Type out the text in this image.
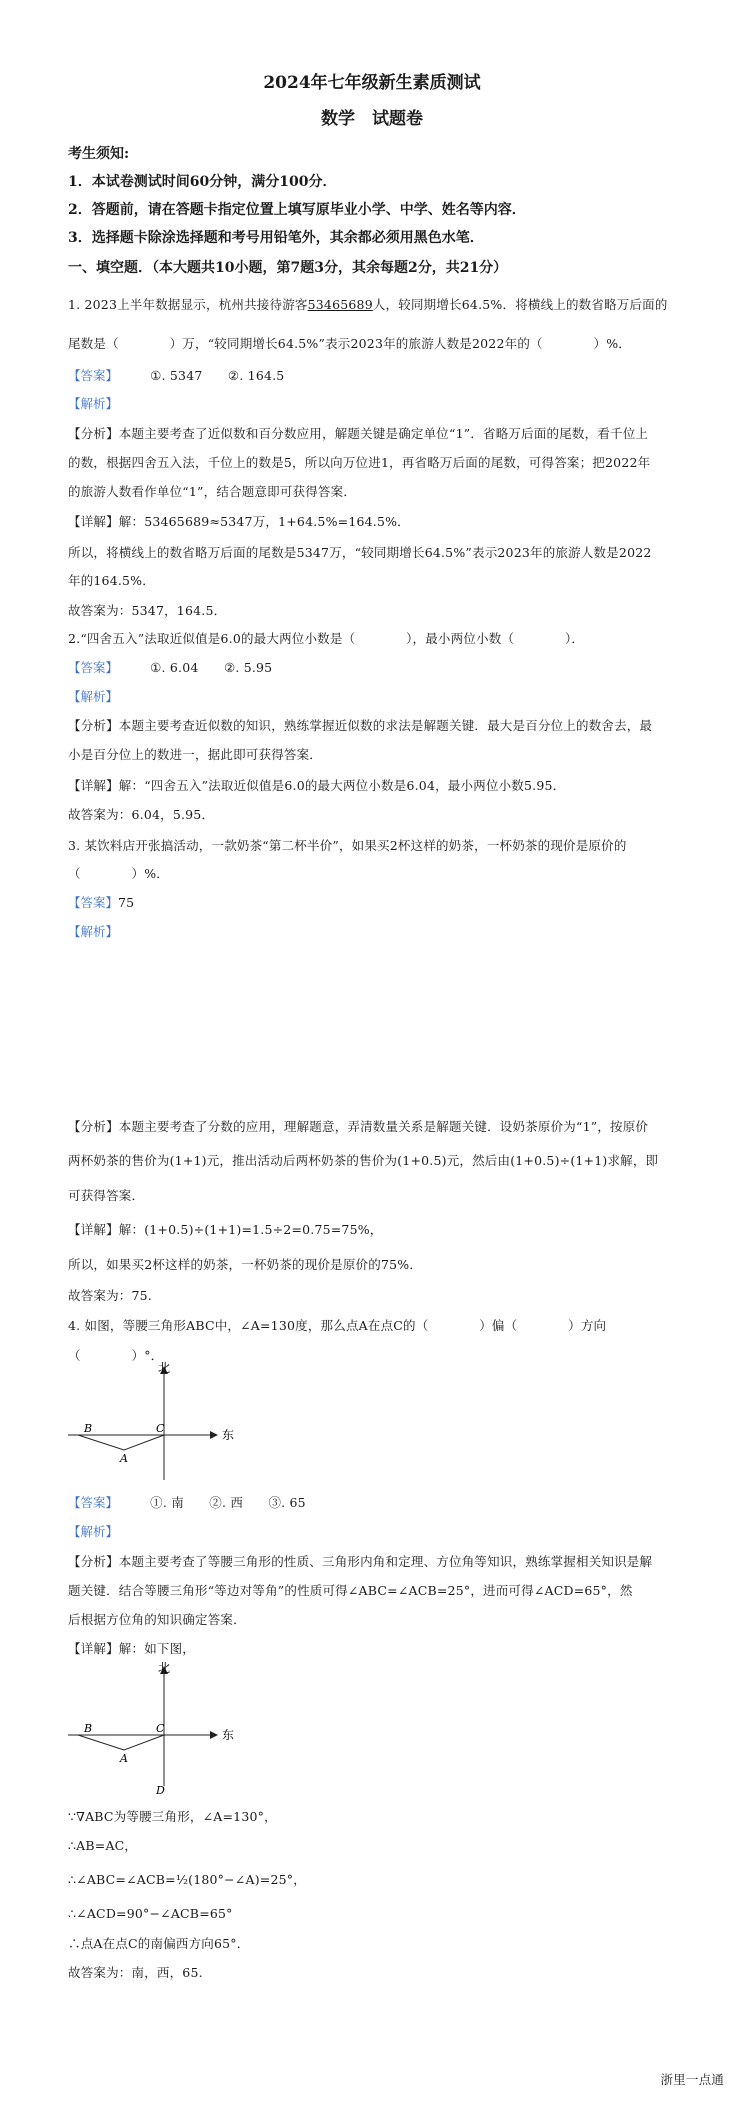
2024年七年级新生素质测试
数学　试题卷
考生须知:
1．本试卷测试时间60分钟，满分100分．
2．答题前，请在答题卡指定位置上填写原毕业小学、中学、姓名等内容．
3．选择题卡除涂选择题和考号用铅笔外，其余都必须用黑色水笔．
一、填空题．（本大题共10小题，第7题3分，其余每题2分，共21分）
1. 2023上半年数据显示，杭州共接待游客53465689人，较同期增长64.5%．将横线上的数省略万后面的
尾数是（　　　　）万，“较同期增长64.5%”表示2023年的旅游人数是2022年的（　　　　）%．
【答案】	①. 5347　　②. 164.5
【解析】
【分析】本题主要考查了近似数和百分数应用，解题关键是确定单位“1”．省略万后面的尾数，看千位上
的数，根据四舍五入法，千位上的数是5，所以向万位进1，再省略万后面的尾数，可得答案；把2022年
的旅游人数看作单位“1”，结合题意即可获得答案．
【详解】解：53465689≈5347万，1+64.5%=164.5%．
所以，将横线上的数省略万后面的尾数是5347万，“较同期增长64.5%”表示2023年的旅游人数是2022
年的164.5%．
故答案为：5347，164.5．
2.“四舍五入”法取近似值是6.0的最大两位小数是（　　　　），最小两位小数（　　　　）．
【答案】	①. 6.04　　②. 5.95
【解析】
【分析】本题主要考查近似数的知识，熟练掌握近似数的求法是解题关键．最大是百分位上的数舍去，最
小是百分位上的数进一，据此即可获得答案．
【详解】解：“四舍五入”法取近似值是6.0的最大两位小数是6.04，最小两位小数5.95．
故答案为：6.04，5.95．
3. 某饮料店开张搞活动，一款奶茶“第二杯半价”，如果买2杯这样的奶茶，一杯奶茶的现价是原价的
（　　　　）%．
【答案】75
【解析】
【分析】本题主要考查了分数的应用，理解题意，弄清数量关系是解题关键．设奶茶原价为“1”，按原价
两杯奶茶的售价为(1+1)元，推出活动后两杯奶茶的售价为(1+0.5)元，然后由(1+0.5)÷(1+1)求解，即
可获得答案．
【详解】解：(1+0.5)÷(1+1)=1.5÷2=0.75=75%，
所以，如果买2杯这样的奶茶，一杯奶茶的现价是原价的75%．
故答案为：75.
4. 如图，等腰三角形ABC中，∠A=130度，那么点A在点C的（　　　　）偏（　　　　）方向
（　　　　）°．
北
东
B	C
A
【答案】	①. 南　　②. 西　　③. 65
【解析】
【分析】本题主要考查了等腰三角形的性质、三角形内角和定理、方位角等知识，熟练掌握相关知识是解
题关键．结合等腰三角形“等边对等角”的性质可得∠ABC=∠ACB=25°，进而可得∠ACD=65°，然
后根据方位角的知识确定答案．
【详解】解：如下图，
北
东
B	C
A
D
∵∇ABC为等腰三角形，∠A=130°，
∴AB=AC，
∴∠ABC=∠ACB=½(180°−∠A)=25°，
∴∠ACD=90°−∠ACB=65°
∴点A在点C的南偏西方向65°．
故答案为：南，西，65.
浙里一点通
